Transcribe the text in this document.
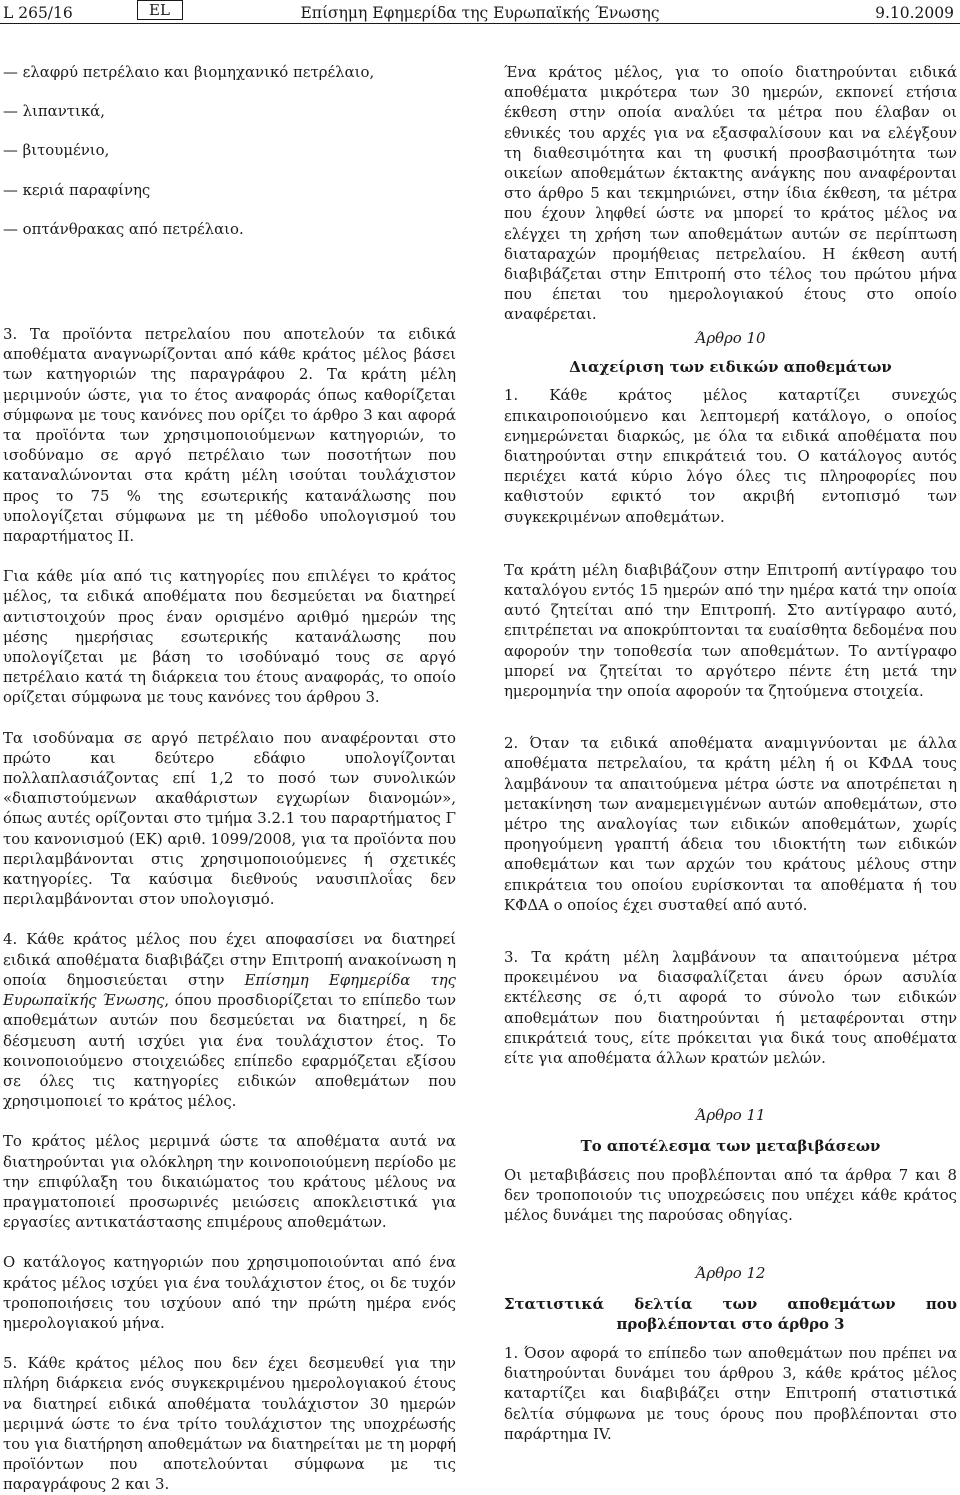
L 265/16	Επίσημη Εφημερίδα της Ευρωπαϊκής Ένωσης
EL	9.10.2009

— ελαφρύ πετρέλαιο και βιομηχανικό πετρέλαιο,

— λιπαντικά,

— βιτουμένιο,

— κεριά παραφίνης

— οπτάνθρακας από πετρέλαιο.

3. Τα προϊόντα πετρελαίου που αποτελούν τα ειδικά αποθέματα αναγνωρίζονται από κάθε κράτος μέλος βάσει των κατηγοριών της παραγράφου 2. Τα κράτη μέλη μεριμνούν ώστε, για το έτος αναφοράς όπως καθορίζεται σύμφωνα με τους κανόνες που ορίζει το άρθρο 3 και αφορά τα προϊόντα των χρησιμοποιούμενων κατηγοριών, το ισοδύναμο σε αργό πετρέλαιο των ποσοτήτων που καταναλώνονται στα κράτη μέλη ισούται τουλάχιστον προς το 75 % της εσωτερικής κατανάλωσης που υπολογίζεται σύμφωνα με τη μέθοδο υπολογισμού του παραρτήματος II.

Για κάθε μία από τις κατηγορίες που επιλέγει το κράτος μέλος, τα ειδικά αποθέματα που δεσμεύεται να διατηρεί αντιστοιχούν προς έναν ορισμένο αριθμό ημερών της μέσης ημερήσιας εσωτερικής κατανάλωσης που υπολογίζεται με βάση το ισοδύναμό τους σε αργό πετρέλαιο κατά τη διάρκεια του έτους αναφοράς, το οποίο ορίζεται σύμφωνα με τους κανόνες του άρθρου 3.

Τα ισοδύναμα σε αργό πετρέλαιο που αναφέρονται στο πρώτο και δεύτερο εδάφιο υπολογίζονται πολλαπλασιάζοντας επί 1,2 το ποσό των συνολικών «διαπιστούμενων ακαθάριστων εγχωρίων διανομών», όπως αυτές ορίζονται στο τμήμα 3.2.1 του παραρτήματος Γ του κανονισμού (ΕΚ) αριθ. 1099/2008, για τα προϊόντα που περιλαμβάνονται στις χρησιμοποιούμενες ή σχετικές κατηγορίες. Τα καύσιμα διεθνούς ναυσιπλοΐας δεν περιλαμβάνονται στον υπολογισμό.

4. Κάθε κράτος μέλος που έχει αποφασίσει να διατηρεί ειδικά αποθέματα διαβιβάζει στην Επιτροπή ανακοίνωση η οποία δημοσιεύεται στην Επίσημη Εφημερίδα της Ευρωπαϊκής Ένωσης, όπου προσδιορίζεται το επίπεδο των αποθεμάτων αυτών που δεσμεύεται να διατηρεί, η δε δέσμευση αυτή ισχύει για ένα τουλάχιστον έτος. Το κοινοποιούμενο στοιχειώδες επίπεδο εφαρμόζεται εξίσου σε όλες τις κατηγορίες ειδικών αποθεμάτων που χρησιμοποιεί το κράτος μέλος.

Το κράτος μέλος μεριμνά ώστε τα αποθέματα αυτά να διατηρούνται για ολόκληρη την κοινοποιούμενη περίοδο με την επιφύλαξη του δικαιώματος του κράτους μέλους να πραγματοποιεί προσωρινές μειώσεις αποκλειστικά για εργασίες αντικατάστασης επιμέρους αποθεμάτων.

Ο κατάλογος κατηγοριών που χρησιμοποιούνται από ένα κράτος μέλος ισχύει για ένα τουλάχιστον έτος, οι δε τυχόν τροποποιήσεις του ισχύουν από την πρώτη ημέρα ενός ημερολογιακού μήνα.

5. Κάθε κράτος μέλος που δεν έχει δεσμευθεί για την πλήρη διάρκεια ενός συγκεκριμένου ημερολογιακού έτους να διατηρεί ειδικά αποθέματα τουλάχιστον 30 ημερών μεριμνά ώστε το ένα τρίτο τουλάχιστον της υποχρέωσής του για διατήρηση αποθεμάτων να διατηρείται με τη μορφή προϊόντων που αποτελούνται σύμφωνα με τις παραγράφους 2 και 3.

Ένα κράτος μέλος, για το οποίο διατηρούνται ειδικά αποθέματα μικρότερα των 30 ημερών, εκπονεί ετήσια έκθεση στην οποία αναλύει τα μέτρα που έλαβαν οι εθνικές του αρχές για να εξασφαλίσουν και να ελέγξουν τη διαθεσιμότητα και τη φυσική προσβασιμότητα των οικείων αποθεμάτων έκτακτης ανάγκης που αναφέρονται στο άρθρο 5 και τεκμηριώνει, στην ίδια έκθεση, τα μέτρα που έχουν ληφθεί ώστε να μπορεί το κράτος μέλος να ελέγχει τη χρήση των αποθεμάτων αυτών σε περίπτωση διαταραχών προμήθειας πετρελαίου. Η έκθεση αυτή διαβιβάζεται στην Επιτροπή στο τέλος του πρώτου μήνα που έπεται του ημερολογιακού έτους στο οποίο αναφέρεται.

Άρθρο 10

Διαχείριση των ειδικών αποθεμάτων

1. Κάθε κράτος μέλος καταρτίζει συνεχώς επικαιροποιούμενο και λεπτομερή κατάλογο, ο οποίος ενημερώνεται διαρκώς, με όλα τα ειδικά αποθέματα που διατηρούνται στην επικράτειά του. Ο κατάλογος αυτός περιέχει κατά κύριο λόγο όλες τις πληροφορίες που καθιστούν εφικτό τον ακριβή εντοπισμό των συγκεκριμένων αποθεμάτων.

Τα κράτη μέλη διαβιβάζουν στην Επιτροπή αντίγραφο του καταλόγου εντός 15 ημερών από την ημέρα κατά την οποία αυτό ζητείται από την Επιτροπή. Στο αντίγραφο αυτό, επιτρέπεται να αποκρύπτονται τα ευαίσθητα δεδομένα που αφορούν την τοποθεσία των αποθεμάτων. Το αντίγραφο μπορεί να ζητείται το αργότερο πέντε έτη μετά την ημερομηνία την οποία αφορούν τα ζητούμενα στοιχεία.

2. Όταν τα ειδικά αποθέματα αναμιγνύονται με άλλα αποθέματα πετρελαίου, τα κράτη μέλη ή οι ΚΦΔΑ τους λαμβάνουν τα απαιτούμενα μέτρα ώστε να αποτρέπεται η μετακίνηση των αναμεμειγμένων αυτών αποθεμάτων, στο μέτρο της αναλογίας των ειδικών αποθεμάτων, χωρίς προηγούμενη γραπτή άδεια του ιδιοκτήτη των ειδικών αποθεμάτων και των αρχών του κράτους μέλους στην επικράτεια του οποίου ευρίσκονται τα αποθέματα ή του ΚΦΔΑ ο οποίος έχει συσταθεί από αυτό.

3. Τα κράτη μέλη λαμβάνουν τα απαιτούμενα μέτρα προκειμένου να διασφαλίζεται άνευ όρων ασυλία εκτέλεσης σε ό,τι αφορά το σύνολο των ειδικών αποθεμάτων που διατηρούνται ή μεταφέρονται στην επικράτειά τους, είτε πρόκειται για δικά τους αποθέματα είτε για αποθέματα άλλων κρατών μελών.

Άρθρο 11

Το αποτέλεσμα των μεταβιβάσεων

Οι μεταβιβάσεις που προβλέπονται από τα άρθρα 7 και 8 δεν τροποποιούν τις υποχρεώσεις που υπέχει κάθε κράτος μέλος δυνάμει της παρούσας οδηγίας.

Άρθρο 12

Στατιστικά δελτία των αποθεμάτων που προβλέπονται στο άρθρο 3

1. Όσον αφορά το επίπεδο των αποθεμάτων που πρέπει να διατηρούνται δυνάμει του άρθρου 3, κάθε κράτος μέλος καταρτίζει και διαβιβάζει στην Επιτροπή στατιστικά δελτία σύμφωνα με τους όρους που προβλέπονται στο παράρτημα IV.
